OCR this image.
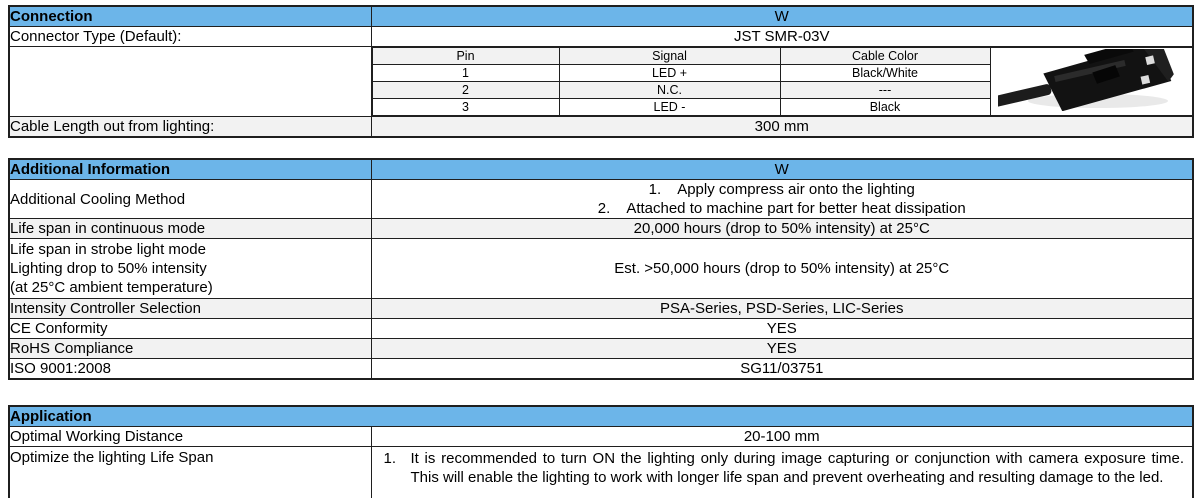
Connection	W
Connector Type (Default):	JST SMR-03V

Pin	Signal	Cable Color	
1	LED +	Black/White
2	N.C.	---
3	LED -	Black

Cable Length out from lighting:	300 mm
Additional Information	W
Additional Cooling Method	1. Apply compress air onto the lighting
2. Attached to machine part for better heat dissipation

Life span in continuous mode	20,000 hours (drop to 50% intensity) at 25°C

Life span in strobe light mode
Lighting drop to 50% intensity
(at 25°C ambient temperature)	Est. >50,000 hours (drop to 50% intensity) at 25°C
Intensity Controller Selection	PSA-Series, PSD-Series, LIC-Series
CE Conformity	YES
RoHS Compliance	YES
ISO 9001:2008	SG11/03751
Application	
Optimal Working Distance	20-100 mm

Optimize the lighting Life Span	1. It is recommended to turn ON the lighting only during image capturing or conjunction with camera exposure time. This will enable the lighting to work with longer life span and prevent overheating and resulting damage to the led.
